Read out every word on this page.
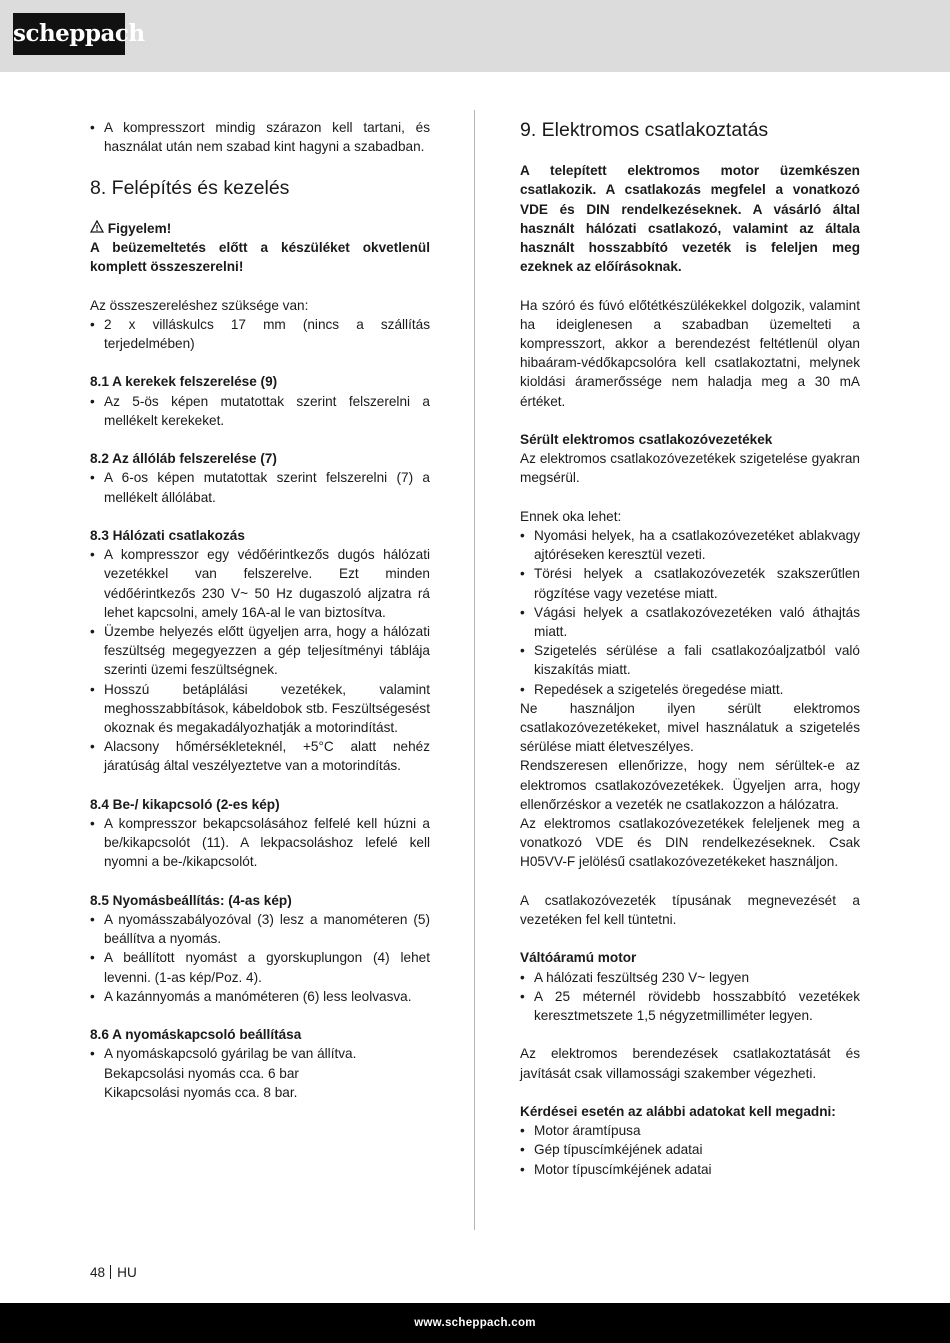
scheppach
• A kompresszort mindig szárazon kell tartani, és használat után nem szabad kint hagyni a szabadban.
8. Felépítés és kezelés

Figyelem!

A beüzemeltetés előtt a készüléket okvetlenül komplett összeszerelni!

Az összeszereléshez szüksége van:

• 2 x villáskulcs 17 mm (nincs a szállítás terjedelmében)

8.1 A kerekek felszerelése (9)

• Az 5-ös képen mutatottak szerint felszerelni a mellékelt kerekeket.

8.2 Az állóláb felszerelése (7)

• A 6-os képen mutatottak szerint felszerelni (7) a mellékelt állólábat.

8.3 Hálózati csatlakozás

• A kompresszor egy védőérintkezős dugós hálózati vezetékkel van felszerelve. Ezt minden védőérintkezős 230 V~ 50 Hz dugaszoló aljzatra rá lehet kapcsolni, amely 16A-al le van biztosítva.
• Üzembe helyezés előtt ügyeljen arra, hogy a hálózati feszültség megegyezzen a gép teljesítményi táblája szerinti üzemi feszültségnek.
• Hosszú betáplálási vezetékek, valamint meghosszabbítások, kábeldobok stb. Feszültségesést okoznak és megakadályozhatják a motorindítást.
• Alacsony hőmérsékleteknél, +5°C alatt nehéz járatúság által veszélyeztetve van a motorindítás.

8.4 Be-/ kikapcsoló (2-es kép)

• A kompresszor bekapcsolásához felfelé kell húzni a be/kikapcsolót (11). A lekpacsoláshoz lefelé kell nyomni a be-/kikapcsolót.

8.5 Nyomásbeállítás: (4-as kép)

• A nyomásszabályozóval (3) lesz a manométeren (5) beállítva a nyomás.
• A beállított nyomást a gyorskuplungon (4) lehet levenni. (1-as kép/Poz. 4).
• A kazánnyomás a manóméteren (6) less leolvasva.

8.6 A nyomáskapcsoló beállítása

• A nyomáskapcsoló gyárilag be van állítva.
Bekapcsolási nyomás cca. 6 bar
Kikapcsolási nyomás cca. 8 bar.
9. Elektromos csatlakoztatás

A telepített elektromos motor üzemkészen csatlakozik. A csatlakozás megfelel a vonatkozó VDE és DIN rendelkezéseknek. A vásárló által használt hálózati csatlakozó, valamint az általa használt hosszabbító vezeték is feleljen meg ezeknek az előírásoknak.

Ha szóró és fúvó előtétkészülékekkel dolgozik, valamint ha ideiglenesen a szabadban üzemelteti a kompresszort, akkor a berendezést feltétlenül olyan hibaáram-védőkapcsolóra kell csatlakoztatni, melynek kioldási áramerőssége nem haladja meg a 30 mA értéket.

Sérült elektromos csatlakozóvezetékek

Az elektromos csatlakozóvezetékek szigetelése gyakran megsérül.

Ennek oka lehet:

• Nyomási helyek, ha a csatlakozóvezetéket ablakvagy ajtóréseken keresztül vezeti.
• Törési helyek a csatlakozóvezeték szakszerűtlen rögzítése vagy vezetése miatt.
• Vágási helyek a csatlakozóvezetéken való áthajtás miatt.
• Szigetelés sérülése a fali csatlakozóaljzatból való kiszakítás miatt.
• Repedések a szigetelés öregedése miatt.

Ne használjon ilyen sérült elektromos csatlakozóvezetékeket, mivel használatuk a szigetelés sérülése miatt életveszélyes.

Rendszeresen ellenőrizze, hogy nem sérültek-e az elektromos csatlakozóvezetékek. Ügyeljen arra, hogy ellenőrzéskor a vezeték ne csatlakozzon a hálózatra.

Az elektromos csatlakozóvezetékek feleljenek meg a vonatkozó VDE és DIN rendelkezéseknek. Csak H05VV-F jelölésű csatlakozóvezetékeket használjon.

A csatlakozóvezeték típusának megnevezését a vezetéken fel kell tüntetni.

Váltóáramú motor

• A hálózati feszültség 230 V~ legyen
• A 25 méternél rövidebb hosszabbító vezetékek keresztmetszete 1,5 négyzetmilliméter legyen.

Az elektromos berendezések csatlakoztatását és javítását csak villamossági szakember végezheti.

Kérdései esetén az alábbi adatokat kell megadni:

• Motor áramtípusa
• Gép típuscímkéjének adatai
• Motor típuscímkéjének adatai
48 HU
www.scheppach.com
